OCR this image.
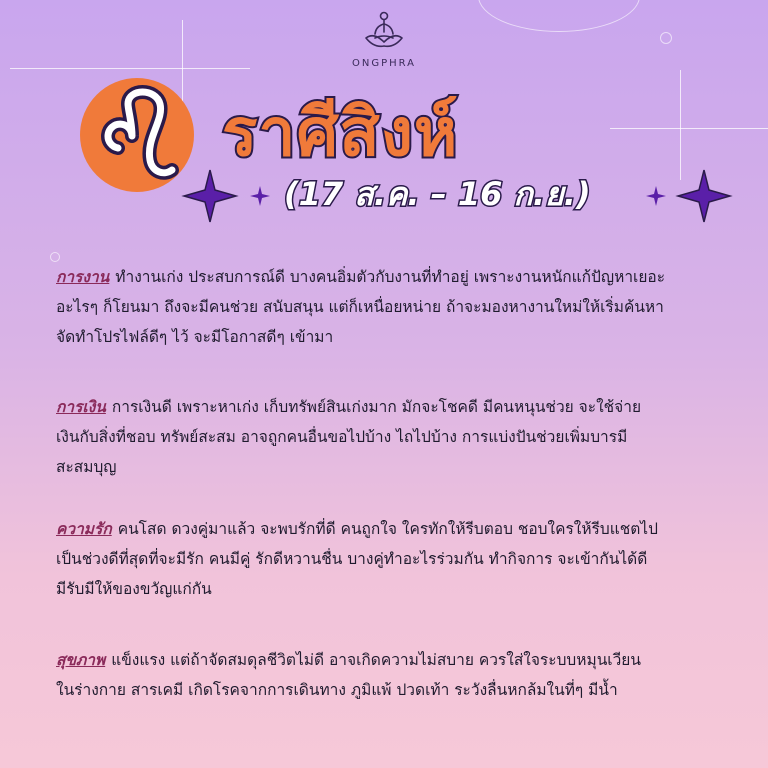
ONGPHRA
ราศีสิงห์
(17 ส.ค. – 16 ก.ย.)
การงาน ทำงานเก่ง ประสบการณ์ดี บางคนอิ่มตัวกับงานที่ทำอยู่ เพราะงานหนักแก้ปัญหาเยอะ
อะไรๆ ก็โยนมา ถึงจะมีคนช่วย สนับสนุน แต่ก็เหนื่อยหน่าย ถ้าจะมองหางานใหม่ให้เริ่มค้นหา
จัดทำโปรไฟล์ดีๆ ไว้ จะมีโอกาสดีๆ เข้ามา
การเงิน การเงินดี เพราะหาเก่ง เก็บทรัพย์สินเก่งมาก มักจะโชคดี มีคนหนุนช่วย จะใช้จ่าย
เงินกับสิ่งที่ชอบ ทรัพย์สะสม อาจถูกคนอื่นขอไปบ้าง ไถไปบ้าง การแบ่งปันช่วยเพิ่มบารมี
สะสมบุญ
ความรัก คนโสด ดวงคู่มาแล้ว จะพบรักที่ดี คนถูกใจ ใครทักให้รีบตอบ ชอบใครให้รีบแชตไป
เป็นช่วงดีที่สุดที่จะมีรัก คนมีคู่ รักดีหวานชื่น บางคู่ทำอะไรร่วมกัน ทำกิจการ จะเข้ากันได้ดี
มีรับมีให้ของขวัญแก่กัน
สุขภาพ แข็งแรง แต่ถ้าจัดสมดุลชีวิตไม่ดี อาจเกิดความไม่สบาย ควรใส่ใจระบบหมุนเวียน
ในร่างกาย สารเคมี เกิดโรคจากการเดินทาง ภูมิแพ้ ปวดเท้า ระวังลื่นหกล้มในที่ๆ มีน้ำ
